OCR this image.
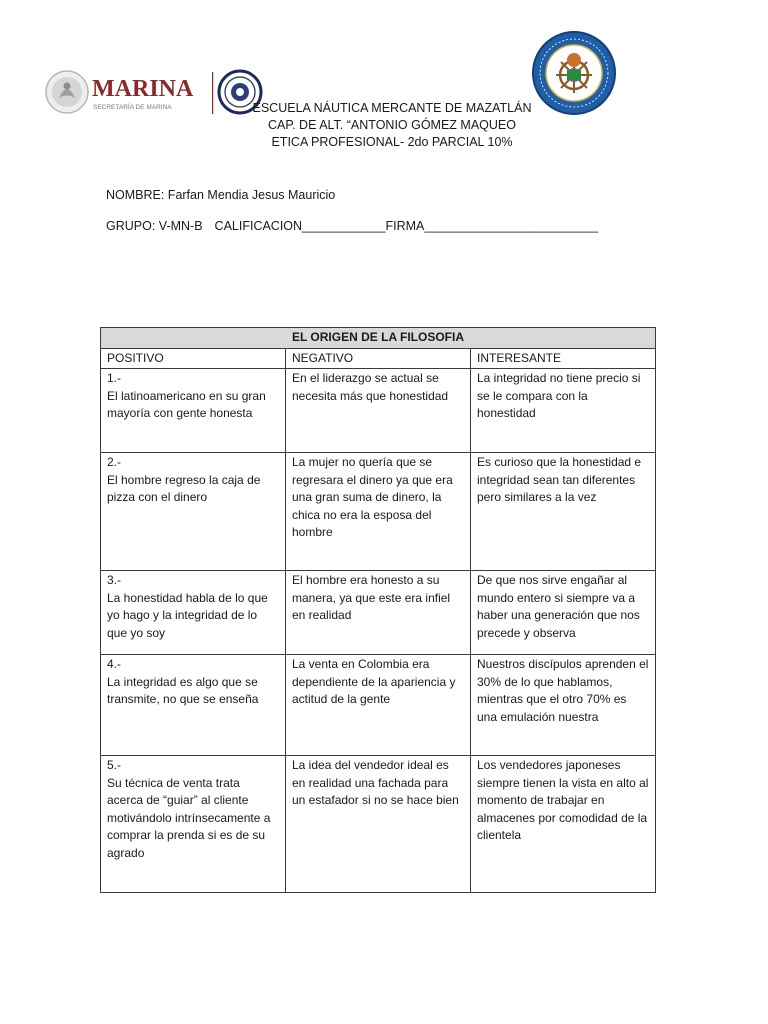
MARINA
SECRETARÍA DE MARINA	ESCUELA NÁUTICA MERCANTE DE MAZATLÁN
CAP. DE ALT. “ANTONIO GÓMEZ MAQUEO
ETICA PROFESIONAL- 2do PARCIAL 10%

NOMBRE: Farfan Mendia Jesus Mauricio

GRUPO: V-MN-B CALIFICACION____________FIRMA_________________________

EL ORIGEN DE LA FILOSOFIA		
POSITIVO	NEGATIVO	INTERESANTE

1.-
El latinoamericano en su gran mayoría con gente honesta	En el liderazgo se actual se necesita más que honestidad	La integridad no tiene precio si se le compara con la honestidad

2.-
El hombre regreso la caja de pizza con el dinero	La mujer no quería que se regresara el dinero ya que era una gran suma de dinero, la chica no era la esposa del hombre	Es curioso que la honestidad e integridad sean tan diferentes pero similares a la vez

3.-
La honestidad habla de lo que yo hago y la integridad de lo que yo soy	El hombre era honesto a su manera, ya que este era infiel en realidad	De que nos sirve engañar al mundo entero si siempre va a haber una generación que nos precede y observa

4.-
La integridad es algo que se transmite, no que se enseña	La venta en Colombia era dependiente de la apariencia y actitud de la gente	Nuestros discípulos aprenden el 30% de lo que hablamos, mientras que el otro 70% es una emulación nuestra

5.-
Su técnica de venta trata acerca de “guiar” al cliente motivándolo intrínsecamente a comprar la prenda si es de su agrado	La idea del vendedor ideal es en realidad una fachada para un estafador si no se hace bien	Los vendedores japoneses siempre tienen la vista en alto al momento de trabajar en almacenes por comodidad de la clientela
